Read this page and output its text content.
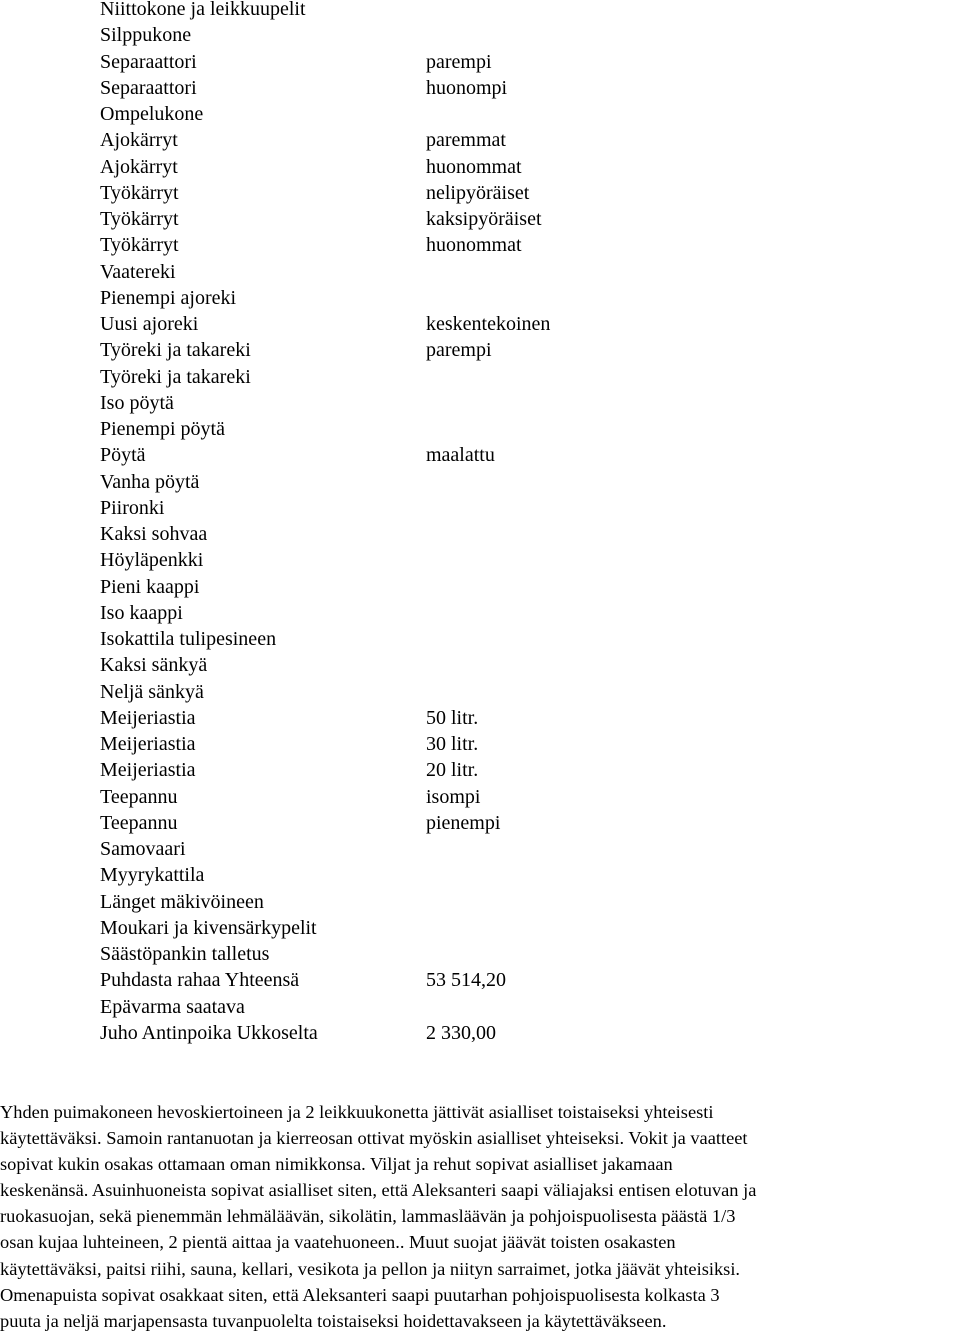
Niittokone ja leikkuupelit
Silppukone
Separaattori	parempi
Separaattori	huonompi
Ompelukone
Ajokärryt	paremmat
Ajokärryt	huonommat
Työkärryt	nelipyöräiset
Työkärryt	kaksipyöräiset
Työkärryt	huonommat
Vaatereki
Pienempi ajoreki
Uusi ajoreki	keskentekoinen
Työreki ja takareki	parempi
Työreki ja takareki
Iso pöytä
Pienempi pöytä
Pöytä	maalattu
Vanha pöytä
Piironki
Kaksi sohvaa
Höyläpenkki
Pieni kaappi
Iso kaappi
Isokattila tulipesineen
Kaksi sänkyä
Neljä sänkyä
Meijeriastia	50 litr.
Meijeriastia	30 litr.
Meijeriastia	20 litr.
Teepannu	isompi
Teepannu	pienempi
Samovaari
Myyrykattila
Länget mäkivöineen
Moukari ja kivensärkypelit
Säästöpankin talletus
Puhdasta rahaa Yhteensä	53 514,20
Epävarma saatava
Juho Antinpoika Ukkoselta	2 330,00
Yhden puimakoneen hevoskiertoineen ja 2 leikkuukonetta jättivät asialliset toistaiseksi yhteisesti
käytettäväksi. Samoin rantanuotan ja kierreosan ottivat myöskin asialliset yhteiseksi. Vokit ja vaatteet
sopivat kukin osakas ottamaan oman nimikkonsa. Viljat ja rehut sopivat asialliset jakamaan
keskenänsä. Asuinhuoneista sopivat asialliset siten, että Aleksanteri saapi väliajaksi entisen elotuvan ja
ruokasuojan, sekä pienemmän lehmäläävän, sikolätin, lammasläävän ja pohjoispuolisesta päästä 1/3
osan kujaa luhteineen, 2 pientä aittaa ja vaatehuoneen.. Muut suojat jäävät toisten osakasten
käytettäväksi, paitsi riihi, sauna, kellari, vesikota ja pellon ja niityn sarraimet, jotka jäävät yhteisiksi.
Omenapuista sopivat osakkaat siten, että Aleksanteri saapi puutarhan pohjoispuolisesta kolkasta 3
puuta ja neljä marjapensasta tuvanpuolelta toistaiseksi hoidettavakseen ja käytettäväkseen.
